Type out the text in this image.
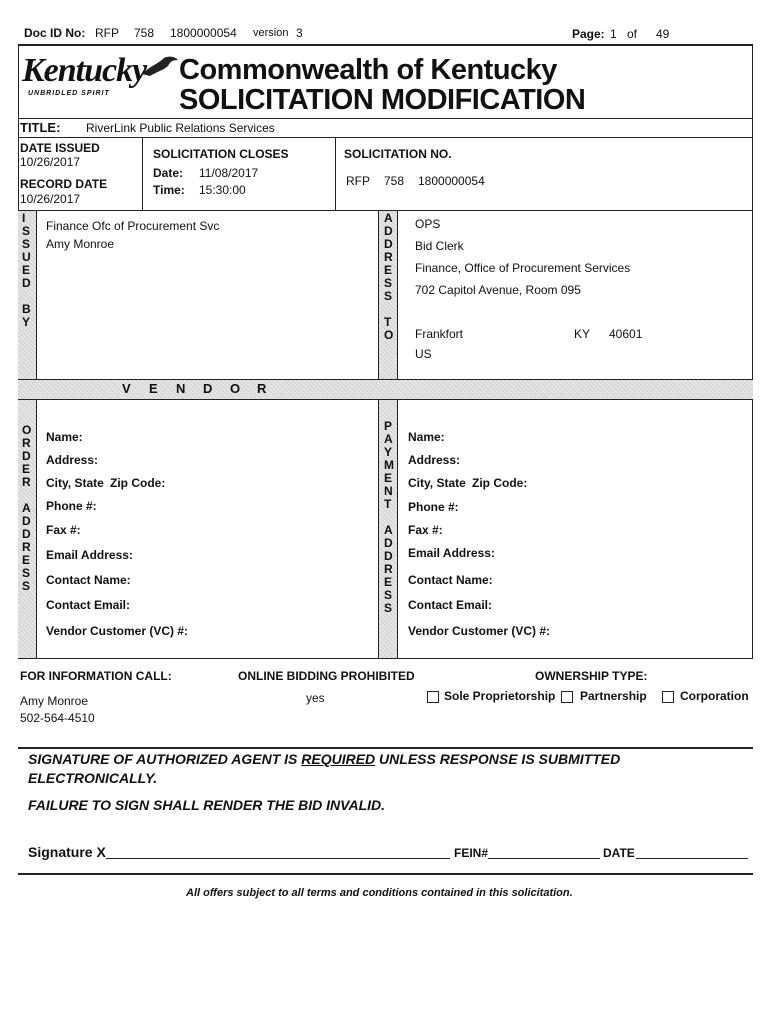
Doc ID No: RFP 758 1800000054 version 3	Page: 1 of 49
Kentucky
UNBRIDLED SPIRIT
Commonwealth of Kentucky
SOLICITATION MODIFICATION
TITLE: RiverLink Public Relations Services
DATE ISSUED
10/26/2017
RECORD DATE
10/26/2017
SOLICITATION CLOSES
Date: 11/08/2017
Time: 15:30:00
SOLICITATION NO.
RFP 758 1800000054
I
S
S
U
E
D
B
Y
Finance Ofc of Procurement Svc
Amy Monroe
A
D
D
R
E
S
S
T
O
OPS
Bid Clerk
Finance, Office of Procurement Services
702 Capitol Avenue, Room 095
Frankfort	KY 40601
US
V	E	N	D	O	R
O
R
D
E
R
A
D
D
R
E
S
S
Name:
Address:
City, State Zip Code:
Phone #:
Fax #:
Email Address:
Contact Name:
Contact Email:
Vendor Customer (VC) #:
P
A
Y
M
E
N
T
A
D
D
R
E
S
S
Name:
Address:
City, State Zip Code:
Phone #:
Fax #:
Email Address:
Contact Name:
Contact Email:
Vendor Customer (VC) #:
FOR INFORMATION CALL:
Amy Monroe
502-564-4510
ONLINE BIDDING PROHIBITED
yes
OWNERSHIP TYPE:
Sole Proprietorship Partnership	Corporation
SIGNATURE OF AUTHORIZED AGENT IS REQUIRED UNLESS RESPONSE IS SUBMITTED
ELECTRONICALLY.
FAILURE TO SIGN SHALL RENDER THE BID INVALID.
Signature X	FEIN#	DATE
All offers subject to all terms and conditions contained in this solicitation.
